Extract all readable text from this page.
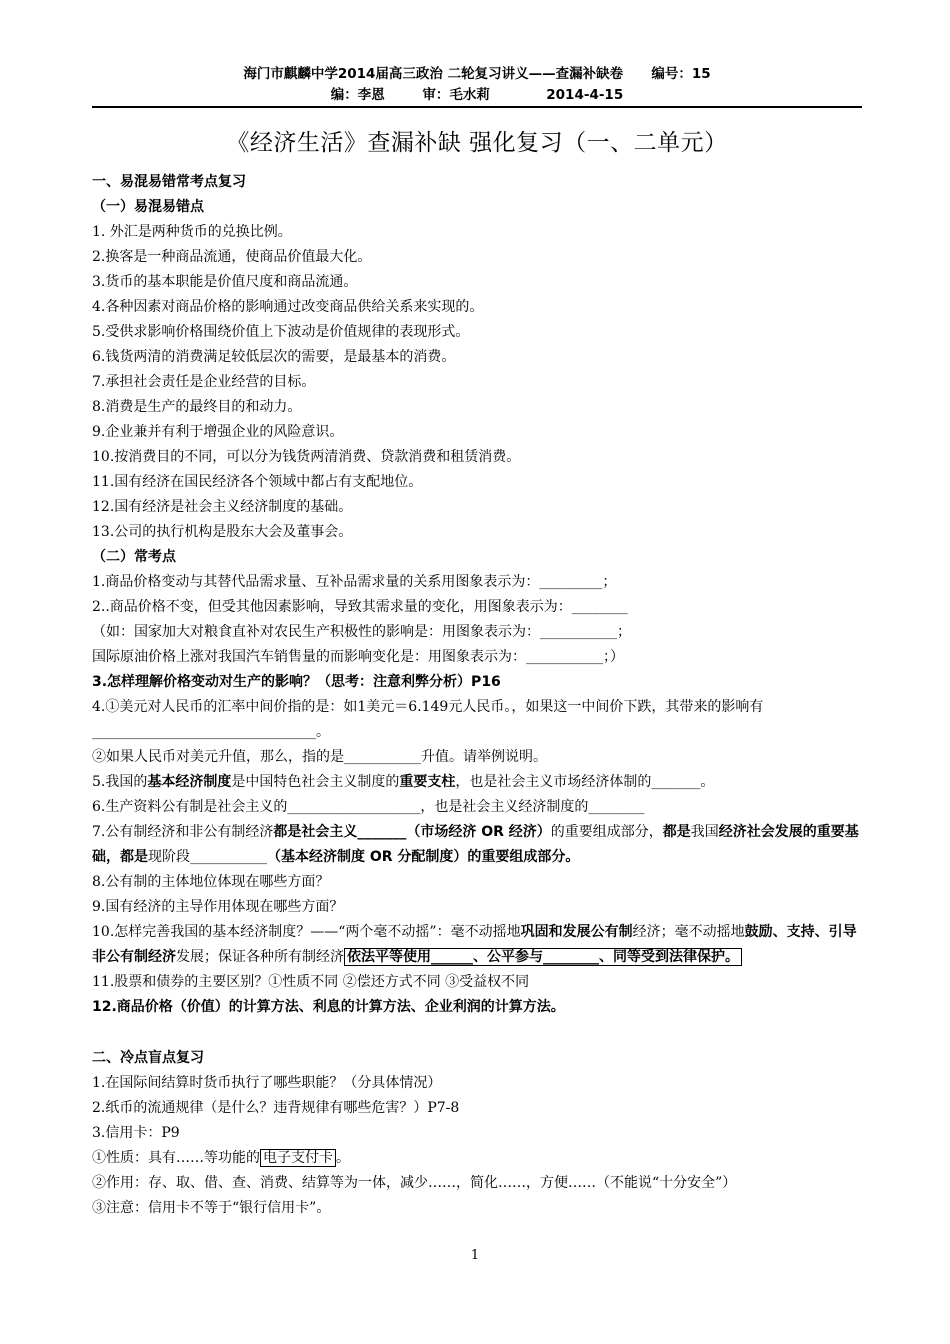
海门市麒麟中学2014届高三政治 二轮复习讲义——查漏补缺卷      编号：15
编：李恩        审：毛水莉            2014-4-15
《经济生活》查漏补缺 强化复习（一、二单元）
一、易混易错常考点复习
（一）易混易错点
1. 外汇是两种货币的兑换比例。
2.换客是一种商品流通，使商品价值最大化。
3.货币的基本职能是价值尺度和商品流通。
4.各种因素对商品价格的影响通过改变商品供给关系来实现的。
5.受供求影响价格围绕价值上下波动是价值规律的表现形式。
6.钱货两清的消费满足较低层次的需要，是最基本的消费。
7.承担社会责任是企业经营的目标。
8.消费是生产的最终目的和动力。
9.企业兼并有利于增强企业的风险意识。
10.按消费目的不同，可以分为钱货两清消费、贷款消费和租赁消费。
11.国有经济在国民经济各个领域中都占有支配地位。
12.国有经济是社会主义经济制度的基础。
13.公司的执行机构是股东大会及董事会。
（二）常考点
1.商品价格变动与其替代品需求量、互补品需求量的关系用图象表示为：_________；
2..商品价格不变，但受其他因素影响，导致其需求量的变化，用图象表示为：________
（如：国家加大对粮食直补对农民生产积极性的影响是：用图象表示为：___________；
国际原油价格上涨对我国汽车销售量的而影响变化是：用图象表示为：___________；）
3.怎样理解价格变动对生产的影响？（思考：注意利弊分析）P16
4.①美元对人民币的汇率中间价指的是：如1美元＝6.149元人民币。，如果这一中间价下跌，其带来的影响有________________________________。
②如果人民币对美元升值，那么，指的是___________升值。请举例说明。
5.我国的基本经济制度是中国特色社会主义制度的重要支柱，也是社会主义市场经济体制的_______。
6.生产资料公有制是社会主义的___________________，也是社会主义经济制度的________
7.公有制经济和非公有制经济都是社会主义_______（市场经济 OR 经济）的重要组成部分，都是我国经济社会发展的重要基础，都是现阶段___________（基本经济制度 OR 分配制度）的重要组成部分。
8.公有制的主体地位体现在哪些方面？
9.国有经济的主导作用体现在哪些方面？
10.怎样完善我国的基本经济制度？——“两个毫不动摇”：毫不动摇地巩固和发展公有制经济；毫不动摇地鼓励、支持、引导非公有制经济发展；保证各种所有制经济 依法平等使用______、公平参与________、同等受到法律保护。
11.股票和债券的主要区别？①性质不同 ②偿还方式不同 ③受益权不同
12.商品价格（价值）的计算方法、利息的计算方法、企业利润的计算方法。
二、冷点盲点复习
1.在国际间结算时货币执行了哪些职能？（分具体情况）
2.纸币的流通规律（是什么？违背规律有哪些危害？）P7-8
3.信用卡：P9
①性质：具有……等功能的 电子支付卡 。
②作用：存、取、借、查、消费、结算等为一体，减少……，简化……，方便……（不能说“十分安全”）
③注意：信用卡不等于“银行信用卡”。
1
